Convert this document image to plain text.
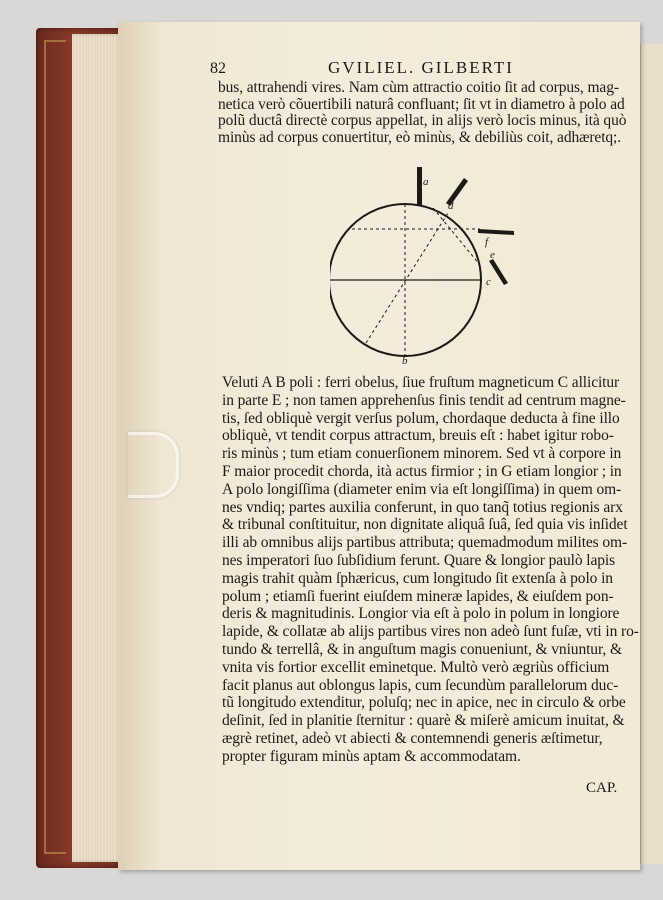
82	GVILIEL. GILBERTI
bus, attrahendi vires. Nam cùm attractio coitio ſit ad corpus, mag-
netica verò cõuertibili naturâ confluant; ſit vt in diametro à polo ad
polũ ductâ directè corpus appellat, in alijs verò locis minus, ità quò
minùs ad corpus conuertitur, eò minùs, & debiliùs coit, adhæretq;.
a
b
c
d
e
f
Veluti A B poli : ferri obelus, ſiue fruſtum magneticum C allicitur
in parte E ; non tamen apprehenſus finis tendit ad centrum magne-
tis, ſed obliquè vergit verſus polum, chordaque deducta à fine illo
obliquè, vt tendit corpus attractum, breuis eſt : habet igitur robo-
ris minùs ; tum etiam conuerſionem minorem. Sed vt à corpore in
F maior procedit chorda, ità actus firmior ; in G etiam longior ; in
A polo longiſſima (diameter enim via eſt longiſſima) in quem om-
nes vndiq; partes auxilia conferunt, in quo tanq̃ totius regionis arx
& tribunal conſtituitur, non dignitate aliquâ ſuâ, ſed quia vis inſidet
illi ab omnibus alijs partibus attributa; quemadmodum milites om-
nes imperatori ſuo ſubſidium ferunt. Quare & longior paulò lapis
magis trahit quàm ſphæricus, cum longitudo ſit extenſa à polo in
polum ; etiamſi fuerint eiuſdem mineræ lapides, & eiuſdem pon-
deris & magnitudinis. Longior via eſt à polo in polum in longiore
lapide, & collatæ ab alijs partibus vires non adeò ſunt fuſæ, vti in ro-
tundo & terrellâ, & in anguſtum magis conueniunt, & vniuntur, &
vnita vis fortior excellit eminetque. Multò verò ægriùs officium
facit planus aut oblongus lapis, cum ſecundùm parallelorum duc-
tũ longitudo extenditur, poluſq; nec in apice, nec in circulo & orbe
deſinit, ſed in planitie ſternitur : quarè & miſerè amicum inuitat, &
ægrè retinet, adeò vt abiecti & contemnendi generis æſtimetur,
propter figuram minùs aptam & accommodatam.
CAP.
